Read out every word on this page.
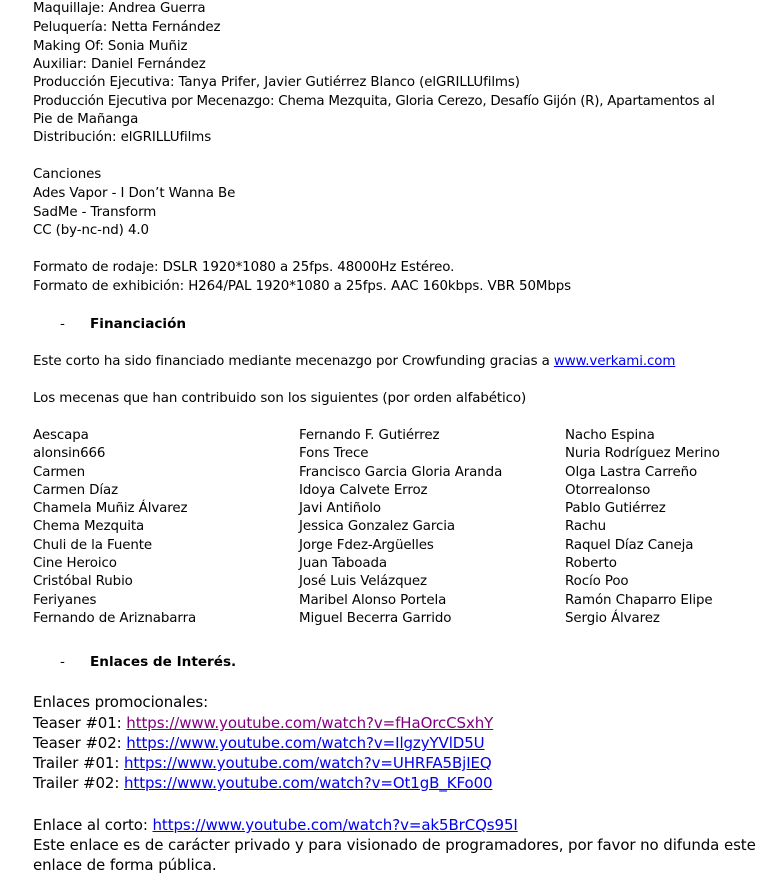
Maquillaje: Andrea Guerra
Peluquería: Netta Fernández
Making Of: Sonia Muñiz
Auxiliar: Daniel Fernández
Producción Ejecutiva: Tanya Prifer, Javier Gutiérrez Blanco (elGRILLUfilms)
Producción Ejecutiva por Mecenazgo: Chema Mezquita, Gloria Cerezo, Desafío Gijón (R), Apartamentos al
Pie de Mañanga
Distribución: elGRILLUfilms
Canciones
Ades Vapor - I Don’t Wanna Be
SadMe - Transform
CC (by-nc-nd) 4.0
Formato de rodaje: DSLR 1920*1080 a 25fps. 48000Hz Estéreo.
Formato de exhibición: H264/PAL 1920*1080 a 25fps. AAC 160kbps. VBR 50Mbps
- Financiación
Este corto ha sido financiado mediante mecenazgo por Crowfunding gracias a www.verkami.com
Los mecenas que han contribuido son los siguientes (por orden alfabético)
Aescapa
alonsin666
Carmen
Carmen Díaz
Chamela Muñiz Álvarez
Chema Mezquita
Chuli de la Fuente
Cine Heroico
Cristóbal Rubio
Feriyanes
Fernando de Ariznabarra
Fernando F. Gutiérrez
Fons Trece
Francisco Garcia Gloria Aranda
Idoya Calvete Erroz
Javi Antiñolo
Jessica Gonzalez Garcia
Jorge Fdez-Argüelles
Juan Taboada
José Luis Velázquez
Maribel Alonso Portela
Miguel Becerra Garrido
Nacho Espina
Nuria Rodríguez Merino
Olga Lastra Carreño
Otorrealonso
Pablo Gutiérrez
Rachu
Raquel Díaz Caneja
Roberto
Rocío Poo
Ramón Chaparro Elipe
Sergio Álvarez
- Enlaces de Interés.
Enlaces promocionales:
Teaser #01: https://www.youtube.com/watch?v=fHaOrcCSxhY
Teaser #02: https://www.youtube.com/watch?v=IlgzyYVlD5U
Trailer #01: https://www.youtube.com/watch?v=UHRFA5BjIEQ
Trailer #02: https://www.youtube.com/watch?v=Ot1gB_KFo00
Enlace al corto: https://www.youtube.com/watch?v=ak5BrCQs95I
Este enlace es de carácter privado y para visionado de programadores, por favor no difunda este
enlace de forma pública.
